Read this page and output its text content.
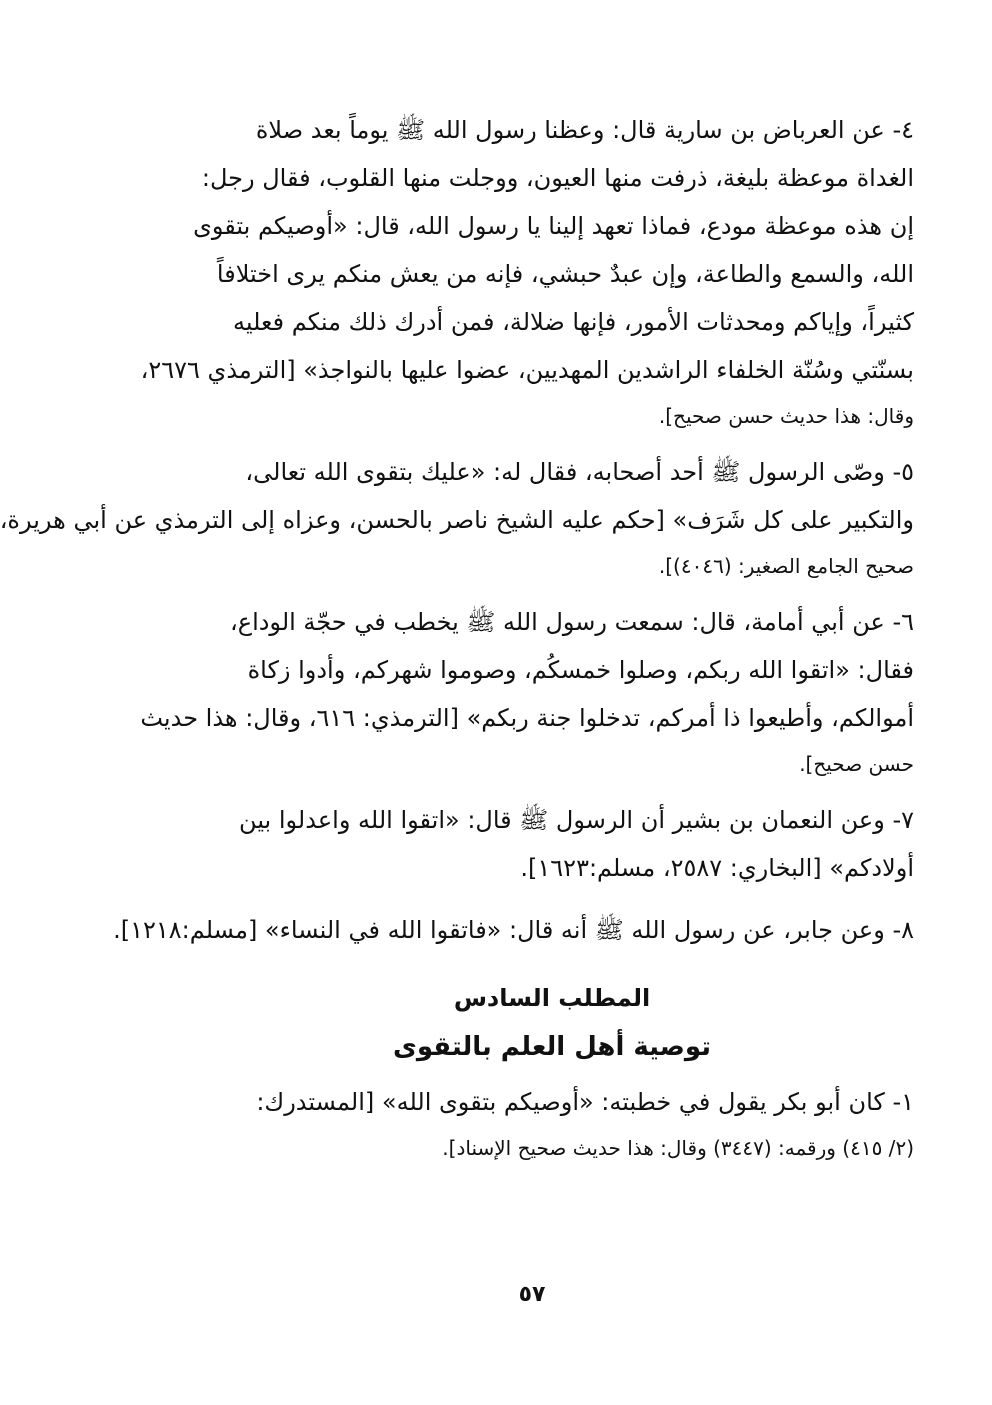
٤- عن العرباض بن سارية قال: وعظنا رسول الله ﷺ يوماً بعد صلاة
الغداة موعظة بليغة، ذرفت منها العيون، ووجلت منها القلوب، فقال رجل:
إن هذه موعظة مودع، فماذا تعهد إلينا يا رسول الله، قال: «أوصيكم بتقوى
الله، والسمع والطاعة، وإن عبدٌ حبشي، فإنه من يعش منكم يرى اختلافاً
كثيراً، وإياكم ومحدثات الأمور، فإنها ضلالة، فمن أدرك ذلك منكم فعليه
بسنّتي وسُنّة الخلفاء الراشدين المهديين، عضوا عليها بالنواجذ» [الترمذي ٢٦٧٦،
وقال: هذا حديث حسن صحيح].
٥- وصّى الرسول ﷺ أحد أصحابه، فقال له: «عليك بتقوى الله تعالى،
والتكبير على كل شَرَف» [حكم عليه الشيخ ناصر بالحسن، وعزاه إلى الترمذي عن أبي هريرة،
صحيح الجامع الصغير: (٤٠٤٦)].
٦- عن أبي أمامة، قال: سمعت رسول الله ﷺ يخطب في حجّة الوداع،
فقال: «اتقوا الله ربكم، وصلوا خمسكُم، وصوموا شهركم، وأدوا زكاة
أموالكم، وأطيعوا ذا أمركم، تدخلوا جنة ربكم» [الترمذي: ٦١٦، وقال: هذا حديث
حسن صحيح].
٧- وعن النعمان بن بشير أن الرسول ﷺ قال: «اتقوا الله واعدلوا بين
أولادكم» [البخاري: ٢٥٨٧، مسلم:١٦٢٣].
٨- وعن جابر، عن رسول الله ﷺ أنه قال: «فاتقوا الله في النساء» [مسلم:١٢١٨].
المطلب السادس
توصية أهل العلم بالتقوى
١- كان أبو بكر يقول في خطبته: «أوصيكم بتقوى الله» [المستدرك:
(٢/ ٤١٥) ورقمه: (٣٤٤٧) وقال: هذا حديث صحيح الإسناد].
٥٧
